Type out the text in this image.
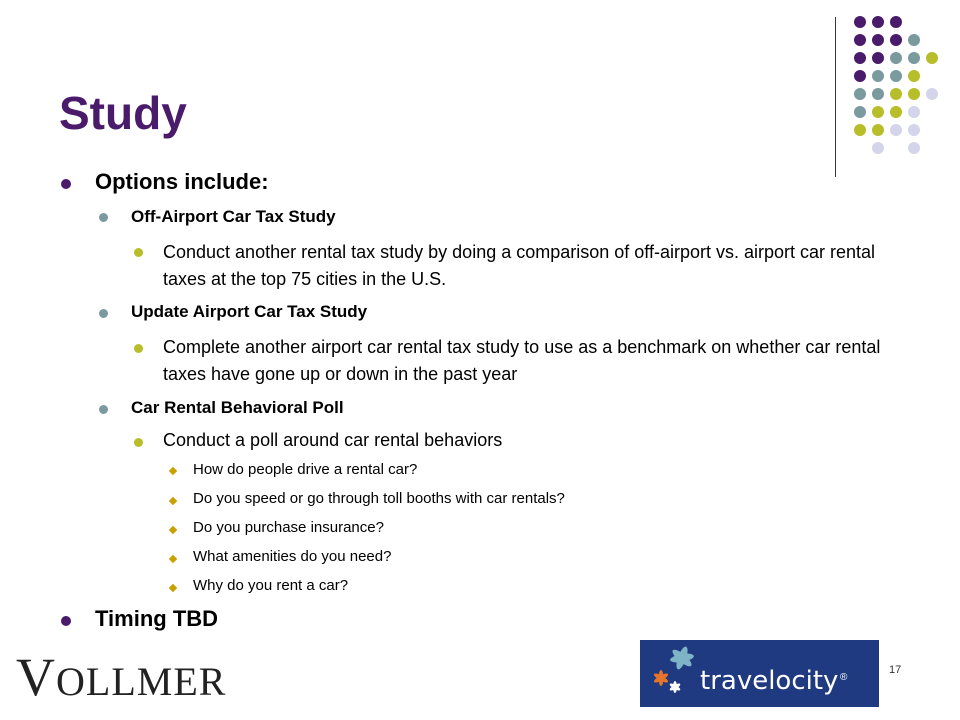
Study

Options include:

Off-Airport Car Tax Study

Conduct another rental tax study by doing a comparison of off-airport vs. airport car rental taxes at the top 75 cities in the U.S.

Update Airport Car Tax Study

Complete another airport car rental tax study to use as a benchmark on whether car rental taxes have gone up or down in the past year

Car Rental Behavioral Poll

Conduct a poll around car rental behaviors

How do people drive a rental car?

Do you speed or go through toll booths with car rentals?

Do you purchase insurance?

What amenities do you need?

Why do you rent a car?

Timing TBD

VOLLMER	travelocity ®
17
